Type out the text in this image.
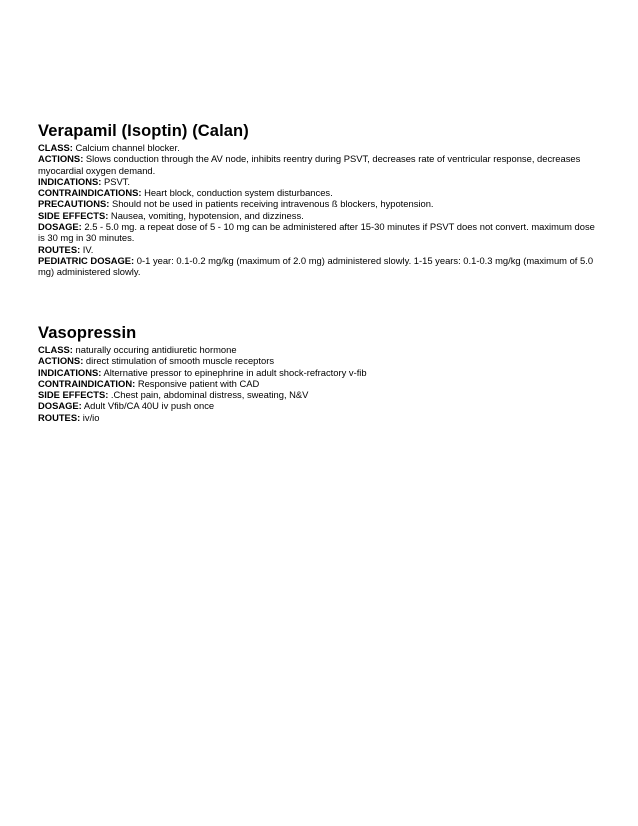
Verapamil (Isoptin) (Calan)

CLASS: Calcium channel blocker.

ACTIONS: Slows conduction through the AV node, inhibits reentry during PSVT, decreases rate of ventricular response, decreases myocardial oxygen demand.

INDICATIONS: PSVT.

CONTRAINDICATIONS: Heart block, conduction system disturbances.

PRECAUTIONS: Should not be used in patients receiving intravenous ß blockers, hypotension.

SIDE EFFECTS: Nausea, vomiting, hypotension, and dizziness.

DOSAGE: 2.5 - 5.0 mg. a repeat dose of 5 - 10 mg can be administered after 15-30 minutes if PSVT does not convert. maximum dose is 30 mg in 30 minutes.

ROUTES: IV.

PEDIATRIC DOSAGE: 0-1 year: 0.1-0.2 mg/kg (maximum of 2.0 mg) administered slowly. 1-15 years: 0.1-0.3 mg/kg (maximum of 5.0 mg) administered slowly.

Vasopressin

CLASS: naturally occuring antidiuretic hormone

ACTIONS: direct stimulation of smooth muscle receptors

INDICATIONS: Alternative pressor to epinephrine in adult shock-refractory v-fib

CONTRAINDICATION: Responsive patient with CAD

SIDE EFFECTS: .Chest pain, abdominal distress, sweating, N&V

DOSAGE: Adult Vfib/CA 40U iv push once

ROUTES: iv/io
